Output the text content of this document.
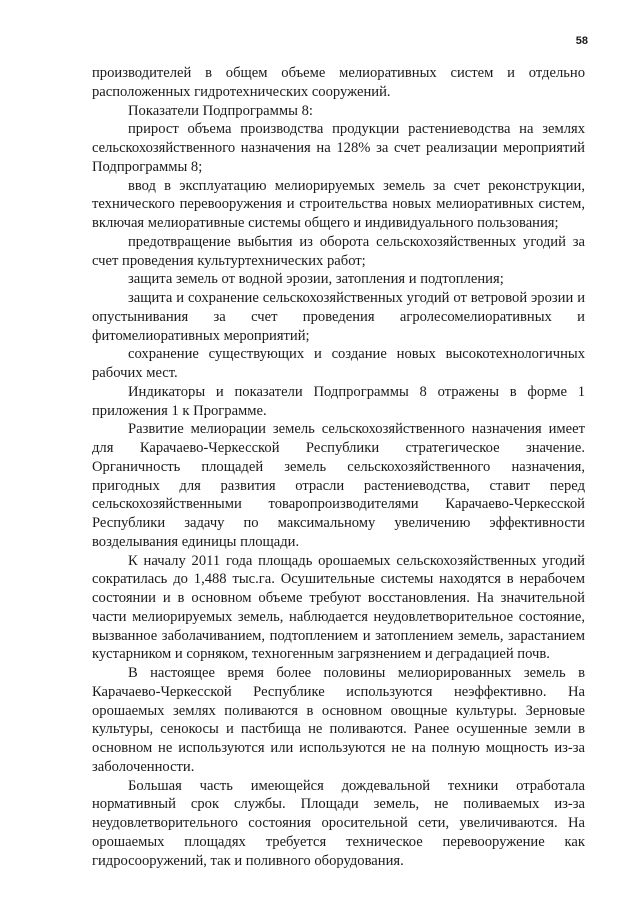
58

производителей в общем объеме мелиоративных систем и отдельно расположенных гидротехнических сооружений.

Показатели Подпрограммы 8:

прирост объема производства продукции растениеводства на землях сельскохозяйственного назначения на 128% за счет реализации мероприятий Подпрограммы 8;

ввод в эксплуатацию мелиорируемых земель за счет реконструкции, технического перевооружения и строительства новых мелиоративных систем, включая мелиоративные системы общего и индивидуального пользования;

предотвращение выбытия из оборота сельскохозяйственных угодий за счет проведения культуртехнических работ;

защита земель от водной эрозии, затопления и подтопления;

защита и сохранение сельскохозяйственных угодий от ветровой эрозии и опустынивания за счет проведения агролесомелиоративных и фитомелиоративных мероприятий;

сохранение существующих и создание новых высокотехнологичных рабочих мест.

Индикаторы и показатели Подпрограммы 8 отражены в форме 1 приложения 1 к Программе.

Развитие мелиорации земель сельскохозяйственного назначения имеет для Карачаево-Черкесской Республики стратегическое значение. Органичность площадей земель сельскохозяйственного назначения, пригодных для развития отрасли растениеводства, ставит перед сельскохозяйственными товаропроизводителями Карачаево-Черкесской Республики задачу по максимальному увеличению эффективности возделывания единицы площади.

К началу 2011 года площадь орошаемых сельскохозяйственных угодий сократилась до 1,488 тыс.га. Осушительные системы находятся в нерабочем состоянии и в основном объеме требуют восстановления. На значительной части мелиорируемых земель, наблюдается неудовлетворительное состояние, вызванное заболачиванием, подтоплением и затоплением земель, зарастанием кустарником и сорняком, техногенным загрязнением и деградацией почв.

В настоящее время более половины мелиорированных земель в Карачаево-Черкесской Республике используются неэффективно. На орошаемых землях поливаются в основном овощные культуры. Зерновые культуры, сенокосы и пастбища не поливаются. Ранее осушенные земли в основном не используются или используются не на полную мощность из-за заболоченности.

Большая часть имеющейся дождевальной техники отработала нормативный срок службы. Площади земель, не поливаемых из-за неудовлетворительного состояния оросительной сети, увеличиваются. На орошаемых площадях требуется техническое перевооружение как гидросооружений, так и поливного оборудования.
